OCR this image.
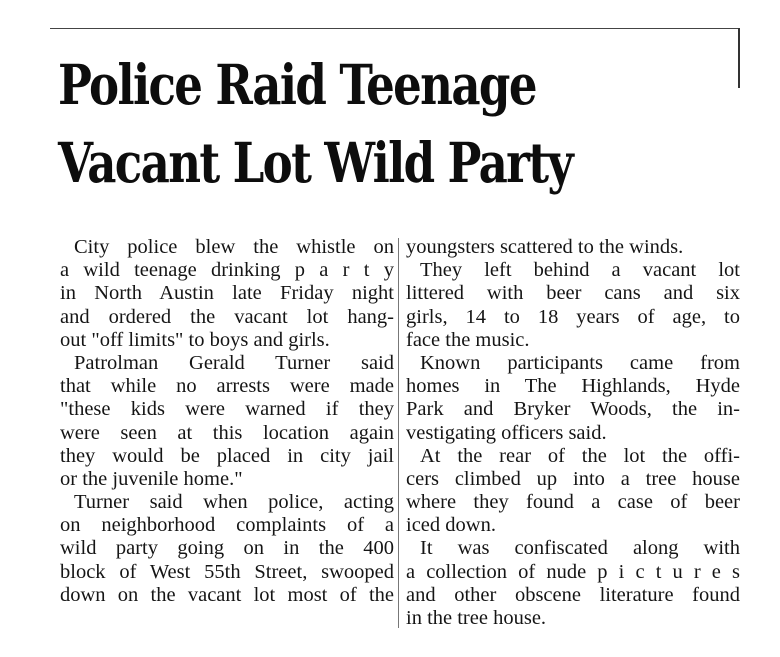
Police Raid Teenage
Vacant Lot Wild Party
City police blew the whistle on
a wild teenage drinking p a r t y
in North Austin late Friday night
and ordered the vacant lot hang-
out "off limits" to boys and girls.
Patrolman Gerald Turner said
that while no arrests were made
"these kids were warned if they
were seen at this location again
they would be placed in city jail
or the juvenile home."
Turner said when police, acting
on neighborhood complaints of a
wild party going on in the 400
block of West 55th Street, swooped
down on the vacant lot most of the
youngsters scattered to the winds.
They left behind a vacant lot
littered with beer cans and six
girls, 14 to 18 years of age, to
face the music.
Known participants came from
homes in The Highlands, Hyde
Park and Bryker Woods, the in-
vestigating officers said.
At the rear of the lot the offi-
cers climbed up into a tree house
where they found a case of beer
iced down.
It was confiscated along with
a collection of nude p i c t u r e s
and other obscene literature found
in the tree house.
